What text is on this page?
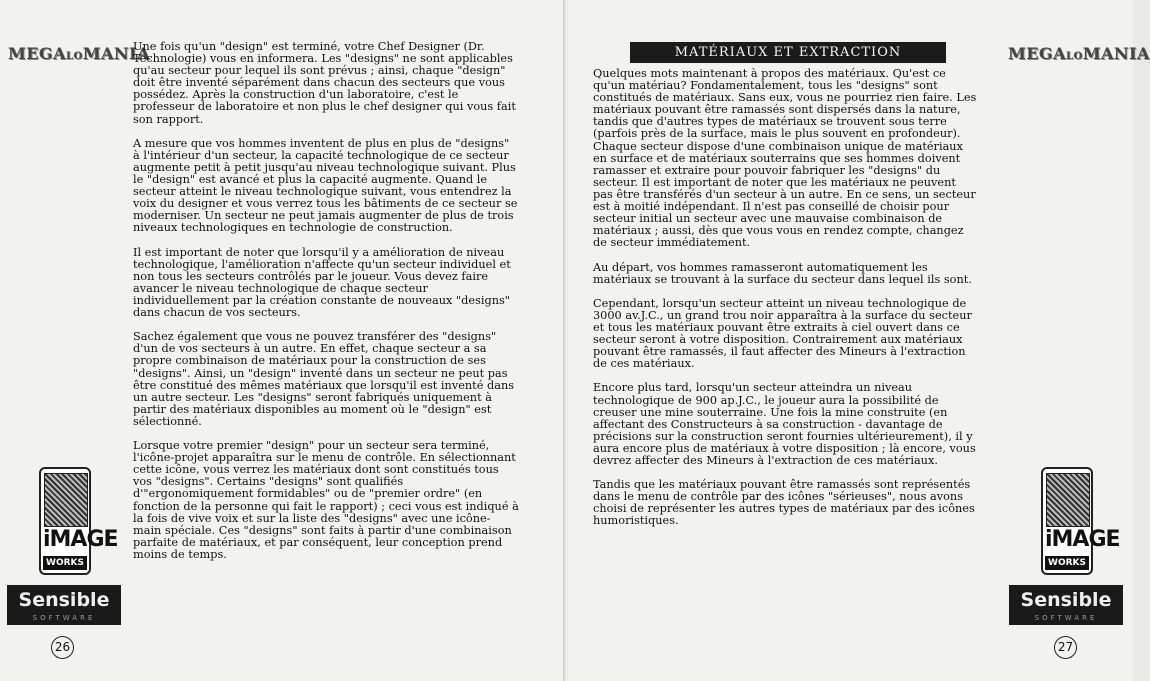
MEGALOMANIA
Une fois qu'un "design" est terminé, votre Chef Designer (Dr.
Technologie) vous en informera. Les "designs" ne sont applicables
qu'au secteur pour lequel ils sont prévus ; ainsi, chaque "design"
doit être inventé séparément dans chacun des secteurs que vous
possédez. Après la construction d'un laboratoire, c'est le
professeur de laboratoire et non plus le chef designer qui vous fait
son rapport.

A mesure que vos hommes inventent de plus en plus de "designs"
à l'intérieur d'un secteur, la capacité technologique de ce secteur
augmente petit à petit jusqu'au niveau technologique suivant. Plus
le "design" est avancé et plus la capacité augmente. Quand le
secteur atteint le niveau technologique suivant, vous entendrez la
voix du designer et vous verrez tous les bâtiments de ce secteur se
moderniser. Un secteur ne peut jamais augmenter de plus de trois
niveaux technologiques en technologie de construction.

Il est important de noter que lorsqu'il y a amélioration de niveau
technologique, l'amélioration n'affecte qu'un secteur individuel et
non tous les secteurs contrôlés par le joueur. Vous devez faire
avancer le niveau technologique de chaque secteur
individuellement par la création constante de nouveaux "designs"
dans chacun de vos secteurs.

Sachez également que vous ne pouvez transférer des "designs"
d'un de vos secteurs à un autre. En effet, chaque secteur a sa
propre combinaison de matériaux pour la construction de ses
"designs". Ainsi, un "design" inventé dans un secteur ne peut pas
être constitué des mêmes matériaux que lorsqu'il est inventé dans
un autre secteur. Les "designs" seront fabriqués uniquement à
partir des matériaux disponibles au moment où le "design" est
sélectionné.

Lorsque votre premier "design" pour un secteur sera terminé,
l'icône-projet apparaîtra sur le menu de contrôle. En sélectionnant
cette icône, vous verrez les matériaux dont sont constitués tous
vos "designs". Certains "designs" sont qualifiés
d'"ergonomiquement formidables" ou de "premier ordre" (en
fonction de la personne qui fait le rapport) ; ceci vous est indiqué à
la fois de vive voix et sur la liste des "designs" avec une icône-
main spéciale. Ces "designs" sont faits à partir d'une combinaison
parfaite de matériaux, et par conséquent, leur conception prend
moins de temps.
iMAGE
WORKS
Sensible
SOFTWARE
26
MATÉRIAUX ET EXTRACTION	MEGALOMANIA
Quelques mots maintenant à propos des matériaux. Qu'est ce
qu'un matériau? Fondamentalement, tous les "designs" sont
constitués de matériaux. Sans eux, vous ne pourriez rien faire. Les
matériaux pouvant être ramassés sont dispersés dans la nature,
tandis que d'autres types de matériaux se trouvent sous terre
(parfois près de la surface, mais le plus souvent en profondeur).
Chaque secteur dispose d'une combinaison unique de matériaux
en surface et de matériaux souterrains que ses hommes doivent
ramasser et extraire pour pouvoir fabriquer les "designs" du
secteur. Il est important de noter que les matériaux ne peuvent
pas être transférés d'un secteur à un autre. En ce sens, un secteur
est à moitié indépendant. Il n'est pas conseillé de choisir pour
secteur initial un secteur avec une mauvaise combinaison de
matériaux ; aussi, dès que vous vous en rendez compte, changez
de secteur immédiatement.

Au départ, vos hommes ramasseront automatiquement les
matériaux se trouvant à la surface du secteur dans lequel ils sont.

Cependant, lorsqu'un secteur atteint un niveau technologique de
3000 av.J.C., un grand trou noir apparaîtra à la surface du secteur
et tous les matériaux pouvant être extraits à ciel ouvert dans ce
secteur seront à votre disposition. Contrairement aux matériaux
pouvant être ramassés, il faut affecter des Mineurs à l'extraction
de ces matériaux.

Encore plus tard, lorsqu'un secteur atteindra un niveau
technologique de 900 ap.J.C., le joueur aura la possibilité de
creuser une mine souterraine. Une fois la mine construite (en
affectant des Constructeurs à sa construction - davantage de
précisions sur la construction seront fournies ultérieurement), il y
aura encore plus de matériaux à votre disposition ; là encore, vous
devrez affecter des Mineurs à l'extraction de ces matériaux.

Tandis que les matériaux pouvant être ramassés sont représentés
dans le menu de contrôle par des icônes "sérieuses", nous avons
choisi de représenter les autres types de matériaux par des icônes
humoristiques.
iMAGE
WORKS
Sensible
SOFTWARE
27
